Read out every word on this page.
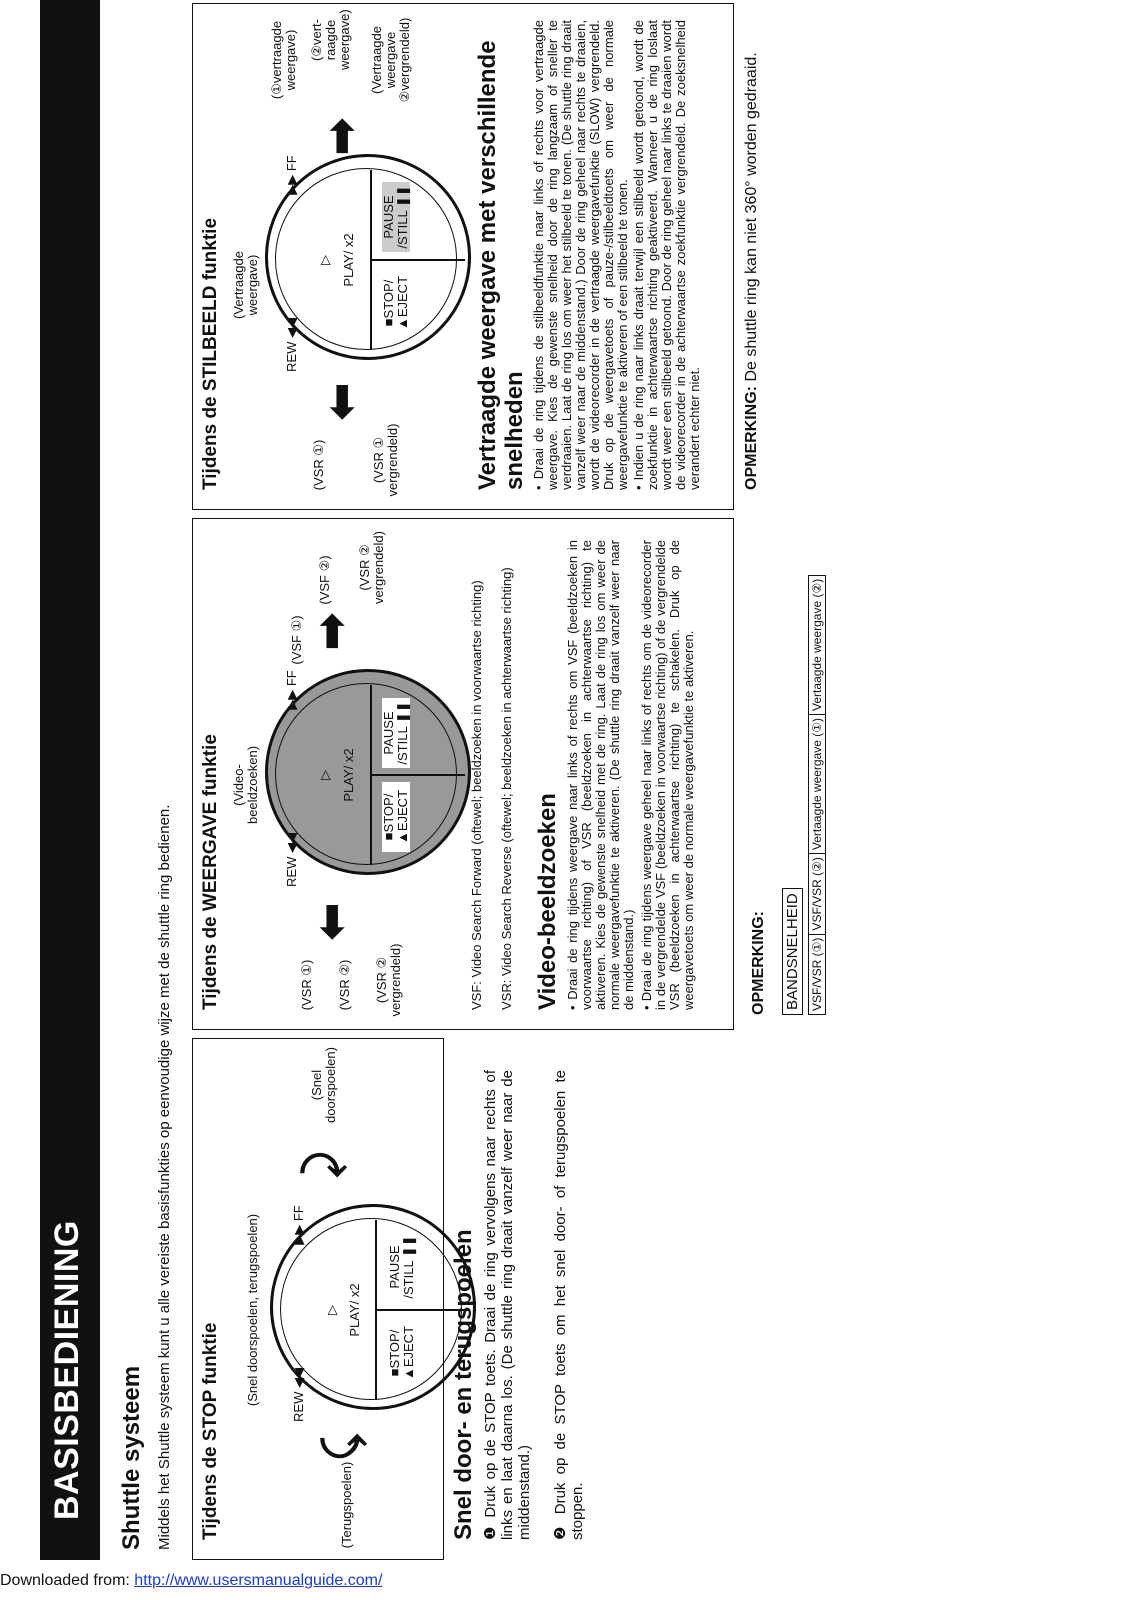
BASISBEDIENING Shuttle systeem Middels het Shuttle systeem kunt u alle vereiste basisfunkties op eenvoudige wijze met de shuttle ring bedienen. Tijdens de STOP funktie
(Snel doorspoelen, terugspoelen)
(Terugspoelen)
(Snel doorspoelen)
⤹
⤸
▷ PLAY/ x2
■STOP/ ▲EJECT
PAUSE /STILL ❚❚
REW ◀◀
▶▶ FF
Snel door- en terugspoelen ❶ Druk op de STOP toets. Draai de ring vervolgens naar rechts of links en laat daarna los. (De shuttle ring draait vanzelf weer naar de middenstand.) ❷ Druk op de STOP toets om het snel door- of terugspoelen te stoppen.
Tijdens de WEERGAVE funktie (Video- beeldzoeken)
(VSR ①) (VSR ②) (VSR ② vergrendeld)
(VSF ①)
(VSF ②) (VSR ② vergrendeld)
⬅
➡
▷ PLAY/ x2
■STOP/ ▲EJECT
PAUSE /STILL ❚❚
REW ◀◀
▶▶ FF	VSF: Video Search Forward (oftewel; beeldzoeken in voorwaartse richting) VSR: Video Search Reverse (oftewel; beeldzoeken in achterwaartse richting) Video-beeldzoeken • Draai de ring tijdens weergave naar links of rechts om VSF (beeldzoeken in voorwaartse richting) of VSR (beeldzoeken in achterwaartse richting) te aktiveren. Kies de gewenste snelheid met de ring. Laat de ring los om weer de normale weergavefunktie te aktiveren. (De shuttle ring draait vanzelf weer naar de middenstand.) • Draai de ring tijdens weergave geheel naar links of rechts om de videorecorder in de vergrendelde VSF (beeldzoeken in voorwaartse richting) of de vergrendelde VSR (beeldzoeken in achterwaartse richting) te schakelen. Druk op de weergavetoets om weer de normale weergavefunktie te aktiveren.
Tijdens de STILBEELD funktie (Vertraagde weergave)
(VSR ①)	(VSR ① vergrendeld)
(①vertraagde weergave) (②vert- raagde weergave) (Vertraagde weergave ②vergrendeld)
⬅
➡
▷ PLAY/ x2
■STOP/ ▲EJECT
PAUSE /STILL ❚❚
REW ◀◀
▶▶ FF	Vertraagde weergave met verschillende snelheden • Draai de ring tijdens de stilbeeldfunktie naar links of rechts voor vertraagde weergave. Kies de gewenste snelheid door de ring langzaam of sneller te verdraaien. Laat de ring los om weer het stilbeeld te tonen. (De shuttle ring draait vanzelf weer naar de middenstand.) Door de ring geheel naar rechts te draaien, wordt de videorecorder in de vertraagde weergavefunktie (SLOW) vergrendeld. Druk op de weergavetoets of pauze-/stilbeeldtoets om weer de normale weergavefunktie te aktiveren of een stilbeeld te tonen. • Indien u de ring naar links draait terwijl een stilbeeld wordt getoond, wordt de zoekfunktie in achterwaartse richting geaktiveerd. Wanneer u de ring loslaat wordt weer een stilbeeld getoond. Door de ring geheel naar links te draaien wordt de videorecorder in de achterwaartse zoekfunktie vergrendeld. De zoeksnelheid verandert echter niet.
OPMERKING: BANDSNELHEID VSF/VSR (①)	VSF/VSR (②)	Vertaagde weergave (①)	Vertaagde weergave (②)
OPMERKING: De shuttle ring kan niet 360° worden gedraaid.
Downloaded from: http://www.usersmanualguide.com/
